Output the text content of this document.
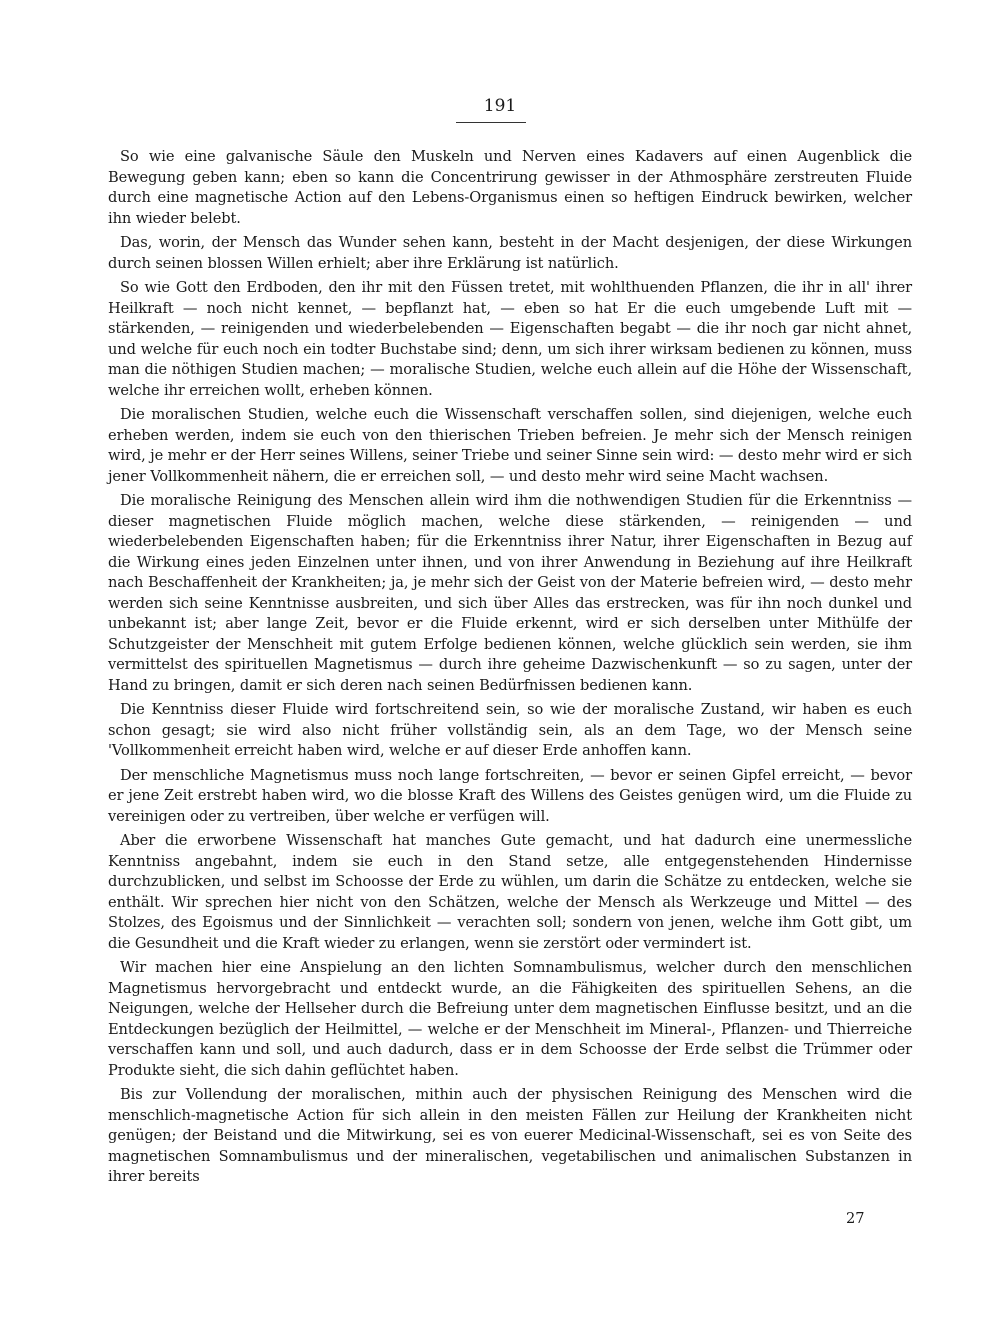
191

So wie eine galvanische Säule den Muskeln und Nerven eines Kadavers auf einen Augenblick die Bewegung geben kann; eben so kann die Concentrirung gewisser in der Athmosphäre zerstreuten Fluide durch eine magnetische Action auf den Lebens-Organismus einen so heftigen Eindruck bewirken, welcher ihn wieder belebt.

Das, worin, der Mensch das Wunder sehen kann, besteht in der Macht desjenigen, der diese Wirkungen durch seinen blossen Willen erhielt; aber ihre Erklärung ist natürlich.

So wie Gott den Erdboden, den ihr mit den Füssen tretet, mit wohlthuenden Pflanzen, die ihr in all' ihrer Heilkraft — noch nicht kennet, — bepflanzt hat, — eben so hat Er die euch umgebende Luft mit — stärkenden, — reinigenden und wiederbelebenden — Eigenschaften begabt — die ihr noch gar nicht ahnet, und welche für euch noch ein todter Buchstabe sind; denn, um sich ihrer wirksam bedienen zu können, muss man die nöthigen Studien machen; — moralische Studien, welche euch allein auf die Höhe der Wissenschaft, welche ihr erreichen wollt, erheben können.

Die moralischen Studien, welche euch die Wissenschaft verschaffen sollen, sind diejenigen, welche euch erheben werden, indem sie euch von den thierischen Trieben befreien. Je mehr sich der Mensch reinigen wird, je mehr er der Herr seines Willens, seiner Triebe und seiner Sinne sein wird: — desto mehr wird er sich jener Vollkommenheit nähern, die er erreichen soll, — und desto mehr wird seine Macht wachsen.

Die moralische Reinigung des Menschen allein wird ihm die nothwendigen Studien für die Erkenntniss — dieser magnetischen Fluide möglich machen, welche diese stärkenden, — reinigenden — und wiederbelebenden Eigenschaften haben; für die Erkenntniss ihrer Natur, ihrer Eigenschaften in Bezug auf die Wirkung eines jeden Einzelnen unter ihnen, und von ihrer Anwendung in Beziehung auf ihre Heilkraft nach Beschaffenheit der Krankheiten; ja, je mehr sich der Geist von der Materie befreien wird, — desto mehr werden sich seine Kenntnisse ausbreiten, und sich über Alles das erstrecken, was für ihn noch dunkel und unbekannt ist; aber lange Zeit, bevor er die Fluide erkennt, wird er sich derselben unter Mithülfe der Schutzgeister der Menschheit mit gutem Erfolge bedienen können, welche glücklich sein werden, sie ihm vermittelst des spirituellen Magnetismus — durch ihre geheime Dazwischenkunft — so zu sagen, unter der Hand zu bringen, damit er sich deren nach seinen Bedürfnissen bedienen kann.

Die Kenntniss dieser Fluide wird fortschreitend sein, so wie der moralische Zustand, wir haben es euch schon gesagt; sie wird also nicht früher vollständig sein, als an dem Tage, wo der Mensch seine 'Vollkommenheit erreicht haben wird, welche er auf dieser Erde anhoffen kann.

Der menschliche Magnetismus muss noch lange fortschreiten, — bevor er seinen Gipfel erreicht, — bevor er jene Zeit erstrebt haben wird, wo die blosse Kraft des Willens des Geistes genügen wird, um die Fluide zu vereinigen oder zu vertreiben, über welche er verfügen will.

Aber die erworbene Wissenschaft hat manches Gute gemacht, und hat dadurch eine unermessliche Kenntniss angebahnt, indem sie euch in den Stand setze, alle entgegenstehenden Hindernisse durchzublicken, und selbst im Schoosse der Erde zu wühlen, um darin die Schätze zu entdecken, welche sie enthält. Wir sprechen hier nicht von den Schätzen, welche der Mensch als Werkzeuge und Mittel — des Stolzes, des Egoismus und der Sinnlichkeit — verachten soll; sondern von jenen, welche ihm Gott gibt, um die Gesundheit und die Kraft wieder zu erlangen, wenn sie zerstört oder vermindert ist.

Wir machen hier eine Anspielung an den lichten Somnambulismus, welcher durch den menschlichen Magnetismus hervorgebracht und entdeckt wurde, an die Fähigkeiten des spirituellen Sehens, an die Neigungen, welche der Hellseher durch die Befreiung unter dem magnetischen Einflusse besitzt, und an die Entdeckungen bezüglich der Heilmittel, — welche er der Menschheit im Mineral-, Pflanzen- und Thierreiche verschaffen kann und soll, und auch dadurch, dass er in dem Schoosse der Erde selbst die Trümmer oder Produkte sieht, die sich dahin geflüchtet haben.

Bis zur Vollendung der moralischen, mithin auch der physischen Reinigung des Menschen wird die menschlich-magnetische Action für sich allein in den meisten Fällen zur Heilung der Krankheiten nicht genügen; der Beistand und die Mitwirkung, sei es von euerer Medicinal-Wissenschaft, sei es von Seite des magnetischen Somnambulismus und der mineralischen, vegetabilischen und animalischen Substanzen in ihrer bereits

27
